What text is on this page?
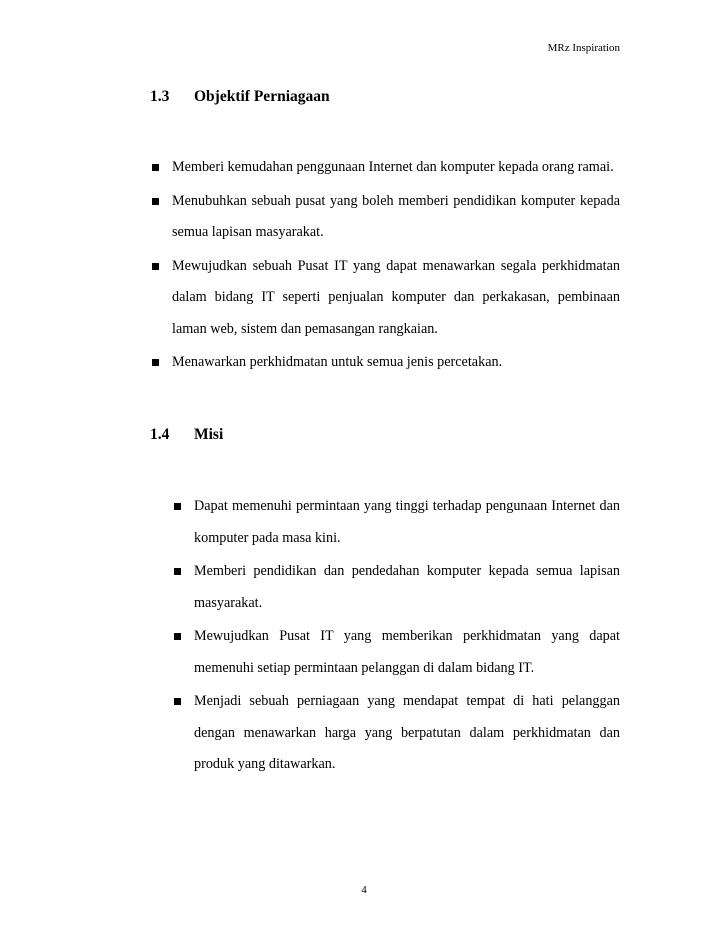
MRz Inspiration
1.3 Objektif Perniagaan
Memberi kemudahan penggunaan Internet dan komputer kepada orang ramai.
Menubuhkan sebuah pusat yang boleh memberi pendidikan komputer kepada semua lapisan masyarakat.
Mewujudkan sebuah Pusat IT yang dapat menawarkan segala perkhidmatan dalam bidang IT seperti penjualan komputer dan perkakasan, pembinaan laman web, sistem dan pemasangan rangkaian.
Menawarkan perkhidmatan untuk semua jenis percetakan.
1.4 Misi
Dapat memenuhi permintaan yang tinggi terhadap pengunaan Internet dan komputer pada masa kini.
Memberi pendidikan dan pendedahan komputer kepada semua lapisan masyarakat.
Mewujudkan Pusat IT yang memberikan perkhidmatan yang dapat memenuhi setiap permintaan pelanggan di dalam bidang IT.
Menjadi sebuah perniagaan yang mendapat tempat di hati pelanggan dengan menawarkan harga yang berpatutan dalam perkhidmatan dan produk yang ditawarkan.
4
